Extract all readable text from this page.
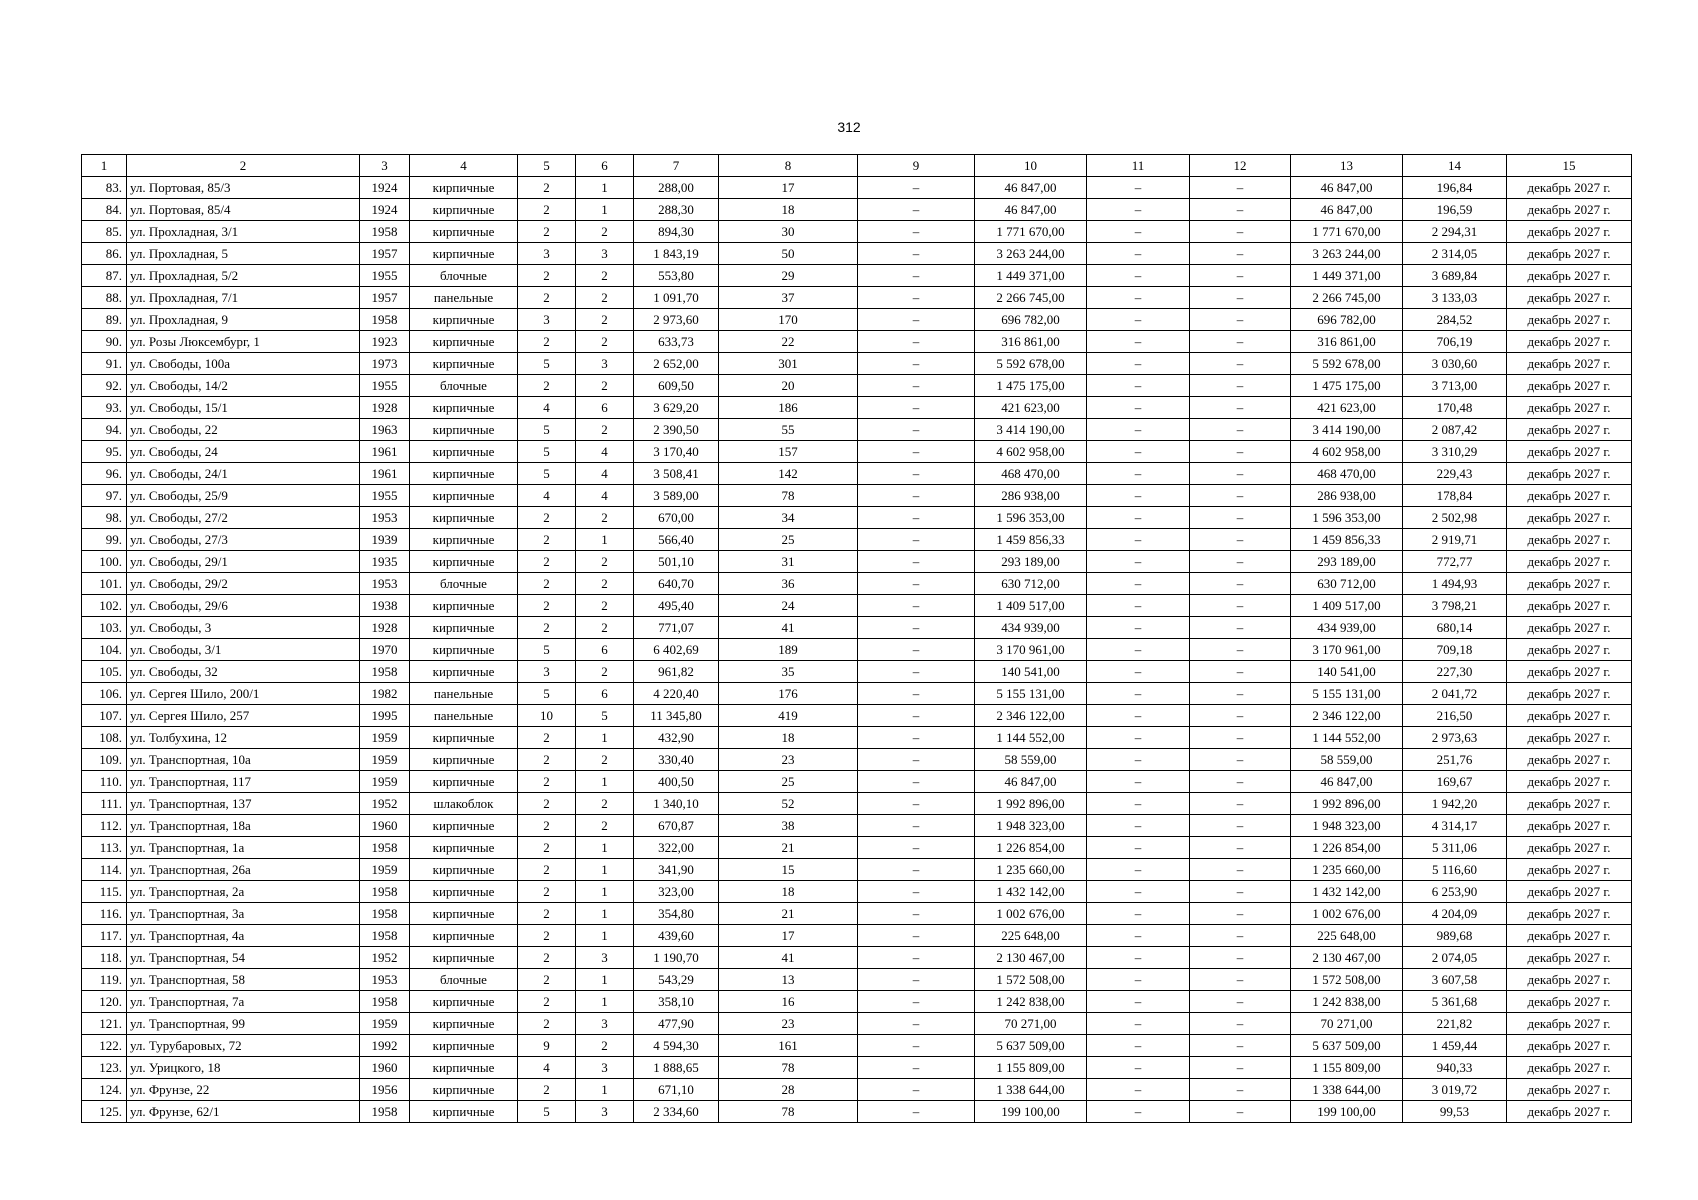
312
1	2	3	4	5	6	7	8	9	10	11	12	13	14	15
83.	ул. Портовая, 85/3	1924	кирпичные	2	1	288,00	17	–	46 847,00	–	–	46 847,00	196,84	декабрь 2027 г.
84.	ул. Портовая, 85/4	1924	кирпичные	2	1	288,30	18	–	46 847,00	–	–	46 847,00	196,59	декабрь 2027 г.
85.	ул. Прохладная, 3/1	1958	кирпичные	2	2	894,30	30	–	1 771 670,00	–	–	1 771 670,00	2 294,31	декабрь 2027 г.
86.	ул. Прохладная, 5	1957	кирпичные	3	3	1 843,19	50	–	3 263 244,00	–	–	3 263 244,00	2 314,05	декабрь 2027 г.
87.	ул. Прохладная, 5/2	1955	блочные	2	2	553,80	29	–	1 449 371,00	–	–	1 449 371,00	3 689,84	декабрь 2027 г.
88.	ул. Прохладная, 7/1	1957	панельные	2	2	1 091,70	37	–	2 266 745,00	–	–	2 266 745,00	3 133,03	декабрь 2027 г.
89.	ул. Прохладная, 9	1958	кирпичные	3	2	2 973,60	170	–	696 782,00	–	–	696 782,00	284,52	декабрь 2027 г.
90.	ул. Розы Люксембург, 1	1923	кирпичные	2	2	633,73	22	–	316 861,00	–	–	316 861,00	706,19	декабрь 2027 г.
91.	ул. Свободы, 100а	1973	кирпичные	5	3	2 652,00	301	–	5 592 678,00	–	–	5 592 678,00	3 030,60	декабрь 2027 г.
92.	ул. Свободы, 14/2	1955	блочные	2	2	609,50	20	–	1 475 175,00	–	–	1 475 175,00	3 713,00	декабрь 2027 г.
93.	ул. Свободы, 15/1	1928	кирпичные	4	6	3 629,20	186	–	421 623,00	–	–	421 623,00	170,48	декабрь 2027 г.
94.	ул. Свободы, 22	1963	кирпичные	5	2	2 390,50	55	–	3 414 190,00	–	–	3 414 190,00	2 087,42	декабрь 2027 г.
95.	ул. Свободы, 24	1961	кирпичные	5	4	3 170,40	157	–	4 602 958,00	–	–	4 602 958,00	3 310,29	декабрь 2027 г.
96.	ул. Свободы, 24/1	1961	кирпичные	5	4	3 508,41	142	–	468 470,00	–	–	468 470,00	229,43	декабрь 2027 г.
97.	ул. Свободы, 25/9	1955	кирпичные	4	4	3 589,00	78	–	286 938,00	–	–	286 938,00	178,84	декабрь 2027 г.
98.	ул. Свободы, 27/2	1953	кирпичные	2	2	670,00	34	–	1 596 353,00	–	–	1 596 353,00	2 502,98	декабрь 2027 г.
99.	ул. Свободы, 27/3	1939	кирпичные	2	1	566,40	25	–	1 459 856,33	–	–	1 459 856,33	2 919,71	декабрь 2027 г.
100.	ул. Свободы, 29/1	1935	кирпичные	2	2	501,10	31	–	293 189,00	–	–	293 189,00	772,77	декабрь 2027 г.
101.	ул. Свободы, 29/2	1953	блочные	2	2	640,70	36	–	630 712,00	–	–	630 712,00	1 494,93	декабрь 2027 г.
102.	ул. Свободы, 29/6	1938	кирпичные	2	2	495,40	24	–	1 409 517,00	–	–	1 409 517,00	3 798,21	декабрь 2027 г.
103.	ул. Свободы, 3	1928	кирпичные	2	2	771,07	41	–	434 939,00	–	–	434 939,00	680,14	декабрь 2027 г.
104.	ул. Свободы, 3/1	1970	кирпичные	5	6	6 402,69	189	–	3 170 961,00	–	–	3 170 961,00	709,18	декабрь 2027 г.
105.	ул. Свободы, 32	1958	кирпичные	3	2	961,82	35	–	140 541,00	–	–	140 541,00	227,30	декабрь 2027 г.
106.	ул. Сергея Шило, 200/1	1982	панельные	5	6	4 220,40	176	–	5 155 131,00	–	–	5 155 131,00	2 041,72	декабрь 2027 г.
107.	ул. Сергея Шило, 257	1995	панельные	10	5	11 345,80	419	–	2 346 122,00	–	–	2 346 122,00	216,50	декабрь 2027 г.
108.	ул. Толбухина, 12	1959	кирпичные	2	1	432,90	18	–	1 144 552,00	–	–	1 144 552,00	2 973,63	декабрь 2027 г.
109.	ул. Транспортная, 10а	1959	кирпичные	2	2	330,40	23	–	58 559,00	–	–	58 559,00	251,76	декабрь 2027 г.
110.	ул. Транспортная, 117	1959	кирпичные	2	1	400,50	25	–	46 847,00	–	–	46 847,00	169,67	декабрь 2027 г.
111.	ул. Транспортная, 137	1952	шлакоблок	2	2	1 340,10	52	–	1 992 896,00	–	–	1 992 896,00	1 942,20	декабрь 2027 г.
112.	ул. Транспортная, 18а	1960	кирпичные	2	2	670,87	38	–	1 948 323,00	–	–	1 948 323,00	4 314,17	декабрь 2027 г.
113.	ул. Транспортная, 1а	1958	кирпичные	2	1	322,00	21	–	1 226 854,00	–	–	1 226 854,00	5 311,06	декабрь 2027 г.
114.	ул. Транспортная, 26а	1959	кирпичные	2	1	341,90	15	–	1 235 660,00	–	–	1 235 660,00	5 116,60	декабрь 2027 г.
115.	ул. Транспортная, 2а	1958	кирпичные	2	1	323,00	18	–	1 432 142,00	–	–	1 432 142,00	6 253,90	декабрь 2027 г.
116.	ул. Транспортная, 3а	1958	кирпичные	2	1	354,80	21	–	1 002 676,00	–	–	1 002 676,00	4 204,09	декабрь 2027 г.
117.	ул. Транспортная, 4а	1958	кирпичные	2	1	439,60	17	–	225 648,00	–	–	225 648,00	989,68	декабрь 2027 г.
118.	ул. Транспортная, 54	1952	кирпичные	2	3	1 190,70	41	–	2 130 467,00	–	–	2 130 467,00	2 074,05	декабрь 2027 г.
119.	ул. Транспортная, 58	1953	блочные	2	1	543,29	13	–	1 572 508,00	–	–	1 572 508,00	3 607,58	декабрь 2027 г.
120.	ул. Транспортная, 7а	1958	кирпичные	2	1	358,10	16	–	1 242 838,00	–	–	1 242 838,00	5 361,68	декабрь 2027 г.
121.	ул. Транспортная, 99	1959	кирпичные	2	3	477,90	23	–	70 271,00	–	–	70 271,00	221,82	декабрь 2027 г.
122.	ул. Турубаровых, 72	1992	кирпичные	9	2	4 594,30	161	–	5 637 509,00	–	–	5 637 509,00	1 459,44	декабрь 2027 г.
123.	ул. Урицкого, 18	1960	кирпичные	4	3	1 888,65	78	–	1 155 809,00	–	–	1 155 809,00	940,33	декабрь 2027 г.
124.	ул. Фрунзе, 22	1956	кирпичные	2	1	671,10	28	–	1 338 644,00	–	–	1 338 644,00	3 019,72	декабрь 2027 г.
125.	ул. Фрунзе, 62/1	1958	кирпичные	5	3	2 334,60	78	–	199 100,00	–	–	199 100,00	99,53	декабрь 2027 г.
